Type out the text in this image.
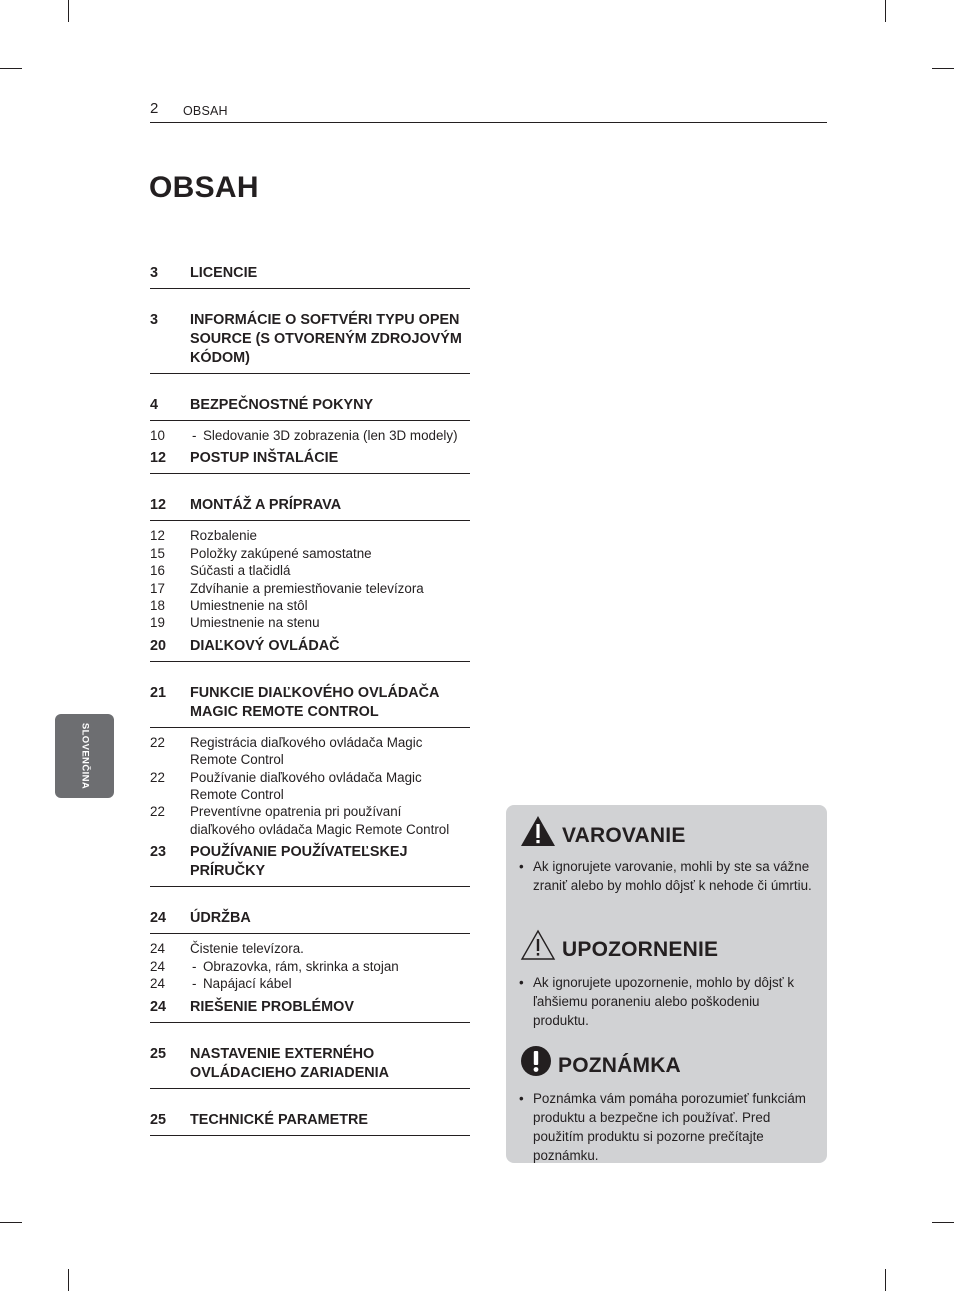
2 OBSAH
OBSAH
SLOVENČINA
3	LICENCIE
3	INFORMÁCIE O SOFTVÉRI TYPU OPEN SOURCE (S OTVORENÝM ZDROJOVÝM KÓDOM)
4	BEZPEČNOSTNÉ POKYNY
10	- Sledovanie 3D zobrazenia (len 3D modely)
12	POSTUP INŠTALÁCIE
12	MONTÁŽ A PRÍPRAVA
12	Rozbalenie
15	Položky zakúpené samostatne
16	Súčasti a tlačidlá
17	Zdvíhanie a premiestňovanie televízora
18	Umiestnenie na stôl
19	Umiestnenie na stenu
20	DIAĽKOVÝ OVLÁDAČ
21	FUNKCIE DIAĽKOVÉHO OVLÁDAČA MAGIC REMOTE CONTROL
22	Registrácia diaľkového ovládača Magic Remote Control
22	Používanie diaľkového ovládača Magic Remote Control
22	Preventívne opatrenia pri používaní diaľkového ovládača Magic Remote Control
23	POUŽÍVANIE POUŽÍVATEĽSKEJ PRÍRUČKY
24	ÚDRŽBA
24	Čistenie televízora.
24	- Obrazovka, rám, skrinka a stojan
24	- Napájací kábel
24	RIEŠENIE PROBLÉMOV
25	NASTAVENIE EXTERNÉHO OVLÁDACIEHO ZARIADENIA
25	TECHNICKÉ PARAMETRE
VAROVANIE
• Ak ignorujete varovanie, mohli by ste sa vážne zraniť alebo by mohlo dôjsť k nehode či úmrtiu.
UPOZORNENIE
• Ak ignorujete upozornenie, mohlo by dôjsť k ľahšiemu poraneniu alebo poškodeniu produktu.
POZNÁMKA
• Poznámka vám pomáha porozumieť funkciám produktu a bezpečne ich používať. Pred použitím produktu si pozorne prečítajte poznámku.
